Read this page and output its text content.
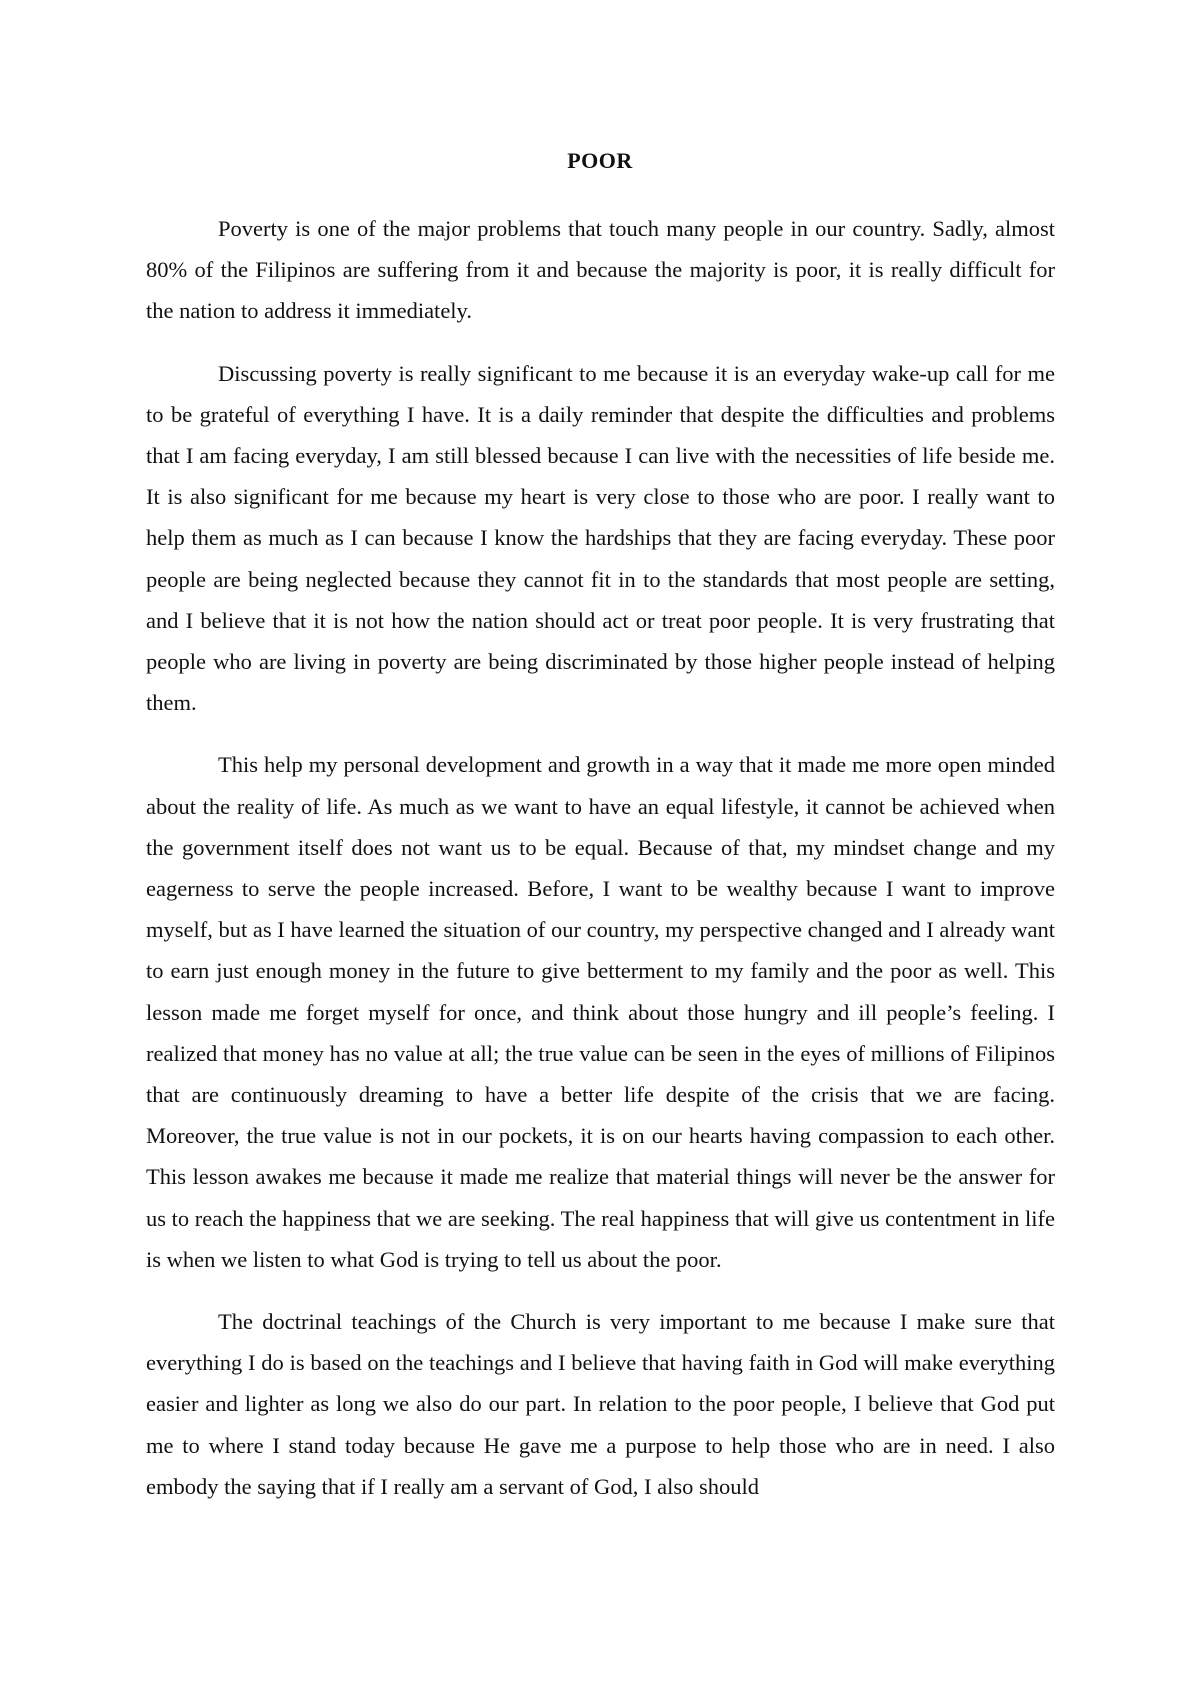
POOR

Poverty is one of the major problems that touch many people in our country. Sadly, almost 80% of the Filipinos are suffering from it and because the majority is poor, it is really difficult for the nation to address it immediately.

Discussing poverty is really significant to me because it is an everyday wake-up call for me to be grateful of everything I have. It is a daily reminder that despite the difficulties and problems that I am facing everyday, I am still blessed because I can live with the necessities of life beside me. It is also significant for me because my heart is very close to those who are poor. I really want to help them as much as I can because I know the hardships that they are facing everyday. These poor people are being neglected because they cannot fit in to the standards that most people are setting, and I believe that it is not how the nation should act or treat poor people. It is very frustrating that people who are living in poverty are being discriminated by those higher people instead of helping them.

This help my personal development and growth in a way that it made me more open minded about the reality of life. As much as we want to have an equal lifestyle, it cannot be achieved when the government itself does not want us to be equal. Because of that, my mindset change and my eagerness to serve the people increased. Before, I want to be wealthy because I want to improve myself, but as I have learned the situation of our country, my perspective changed and I already want to earn just enough money in the future to give betterment to my family and the poor as well. This lesson made me forget myself for once, and think about those hungry and ill people’s feeling. I realized that money has no value at all; the true value can be seen in the eyes of millions of Filipinos that are continuously dreaming to have a better life despite of the crisis that we are facing. Moreover, the true value is not in our pockets, it is on our hearts having compassion to each other. This lesson awakes me because it made me realize that material things will never be the answer for us to reach the happiness that we are seeking. The real happiness that will give us contentment in life is when we listen to what God is trying to tell us about the poor.

The doctrinal teachings of the Church is very important to me because I make sure that everything I do is based on the teachings and I believe that having faith in God will make everything easier and lighter as long we also do our part. In relation to the poor people, I believe that God put me to where I stand today because He gave me a purpose to help those who are in need. I also embody the saying that if I really am a servant of God, I also should
